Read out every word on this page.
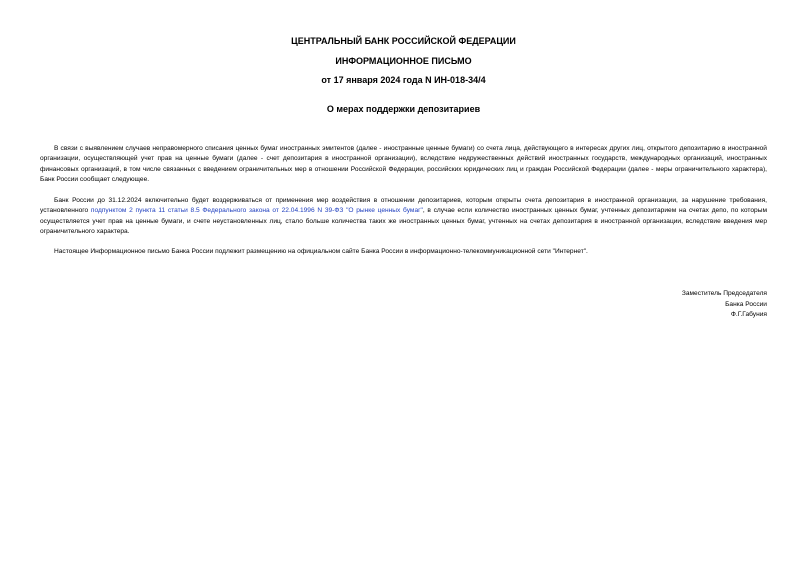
ЦЕНТРАЛЬНЫЙ БАНК РОССИЙСКОЙ ФЕДЕРАЦИИ
ИНФОРМАЦИОННОЕ ПИСЬМО
от 17 января 2024 года N ИН-018-34/4
О мерах поддержки депозитариев

В связи с выявлением случаев неправомерного списания ценных бумаг иностранных эмитентов (далее - иностранные ценные бумаги) со счета лица, действующего в интересах других лиц, открытого депозитарию в иностранной организации, осуществляющей учет прав на ценные бумаги (далее - счет депозитария в иностранной организации), вследствие недружественных действий иностранных государств, международных организаций, иностранных финансовых организаций, в том числе связанных с введением ограничительных мер в отношении Российской Федерации, российских юридических лиц и граждан Российской Федерации (далее - меры ограничительного характера), Банк России сообщает следующее.

Банк России до 31.12.2024 включительно будет воздерживаться от применения мер воздействия в отношении депозитариев, которым открыты счета депозитария в иностранной организации, за нарушение требования, установленного подпунктом 2 пункта 11 статьи 8.5 Федерального закона от 22.04.1996 N 39-ФЗ "О рынке ценных бумаг", в случае если количество иностранных ценных бумаг, учтенных депозитарием на счетах депо, по которым осуществляется учет прав на ценные бумаги, и счете неустановленных лиц, стало больше количества таких же иностранных ценных бумаг, учтенных на счетах депозитария в иностранной организации, вследствие введения мер ограничительного характера.

Настоящее Информационное письмо Банка России подлежит размещению на официальном сайте Банка России в информационно-телекоммуникационной сети "Интернет".

Заместитель Председателя
Банка России
Ф.Г.Габуния
